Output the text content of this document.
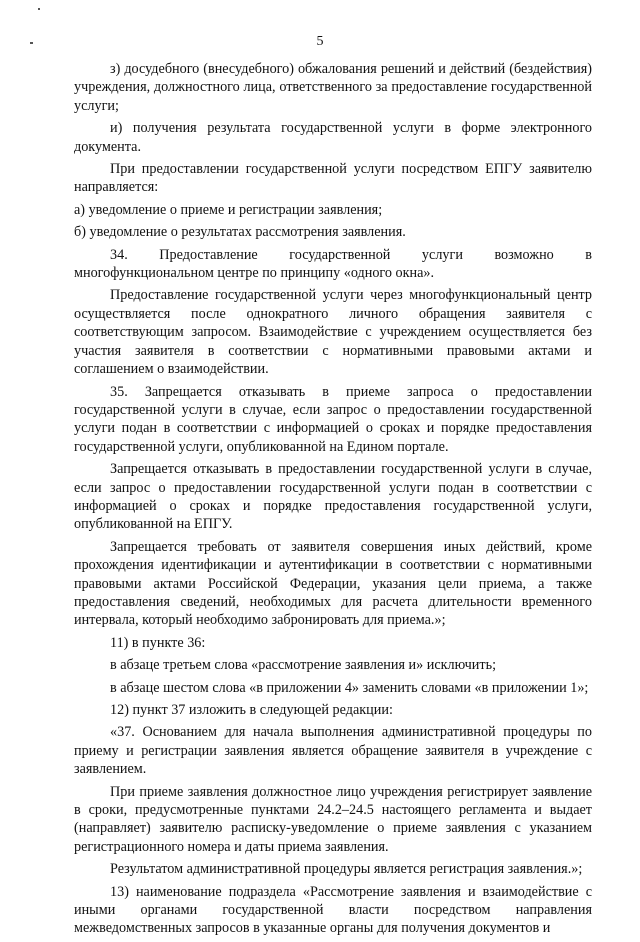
5

з) досудебного (внесудебного) обжалования решений и действий (бездействия) учреждения, должностного лица, ответственного за предоставление государственной услуги;

и) получения результата государственной услуги в форме электронного документа.

При предоставлении государственной услуги посредством ЕПГУ заявителю направляется:

а) уведомление о приеме и регистрации заявления;

б) уведомление о результатах рассмотрения заявления.

34. Предоставление государственной услуги возможно в многофункциональном центре по принципу «одного окна».

Предоставление государственной услуги через многофункциональный центр осуществляется после однократного личного обращения заявителя с соответствующим запросом. Взаимодействие с учреждением осуществляется без участия заявителя в соответствии с нормативными правовыми актами и соглашением о взаимодействии.

35. Запрещается отказывать в приеме запроса о предоставлении государственной услуги в случае, если запрос о предоставлении государственной услуги подан в соответствии с информацией о сроках и порядке предоставления государственной услуги, опубликованной на Едином портале.

Запрещается отказывать в предоставлении государственной услуги в случае, если запрос о предоставлении государственной услуги подан в соответствии с информацией о сроках и порядке предоставления государственной услуги, опубликованной на ЕПГУ.

Запрещается требовать от заявителя совершения иных действий, кроме прохождения идентификации и аутентификации в соответствии с нормативными правовыми актами Российской Федерации, указания цели приема, а также предоставления сведений, необходимых для расчета длительности временного интервала, который необходимо забронировать для приема.»;

11) в пункте 36:

в абзаце третьем слова «рассмотрение заявления и» исключить;

в абзаце шестом слова «в приложении 4» заменить словами «в приложении 1»;

12) пункт 37 изложить в следующей редакции:

«37. Основанием для начала выполнения административной процедуры по приему и регистрации заявления является обращение заявителя в учреждение с заявлением.

При приеме заявления должностное лицо учреждения регистрирует заявление в сроки, предусмотренные пунктами 24.2–24.5 настоящего регламента и выдает (направляет) заявителю расписку-уведомление о приеме заявления с указанием регистрационного номера и даты приема заявления.

Результатом административной процедуры является регистрация заявления.»;

13) наименование подраздела «Рассмотрение заявления и взаимодействие с иными органами государственной власти посредством направления межведомственных запросов в указанные органы для получения документов и
